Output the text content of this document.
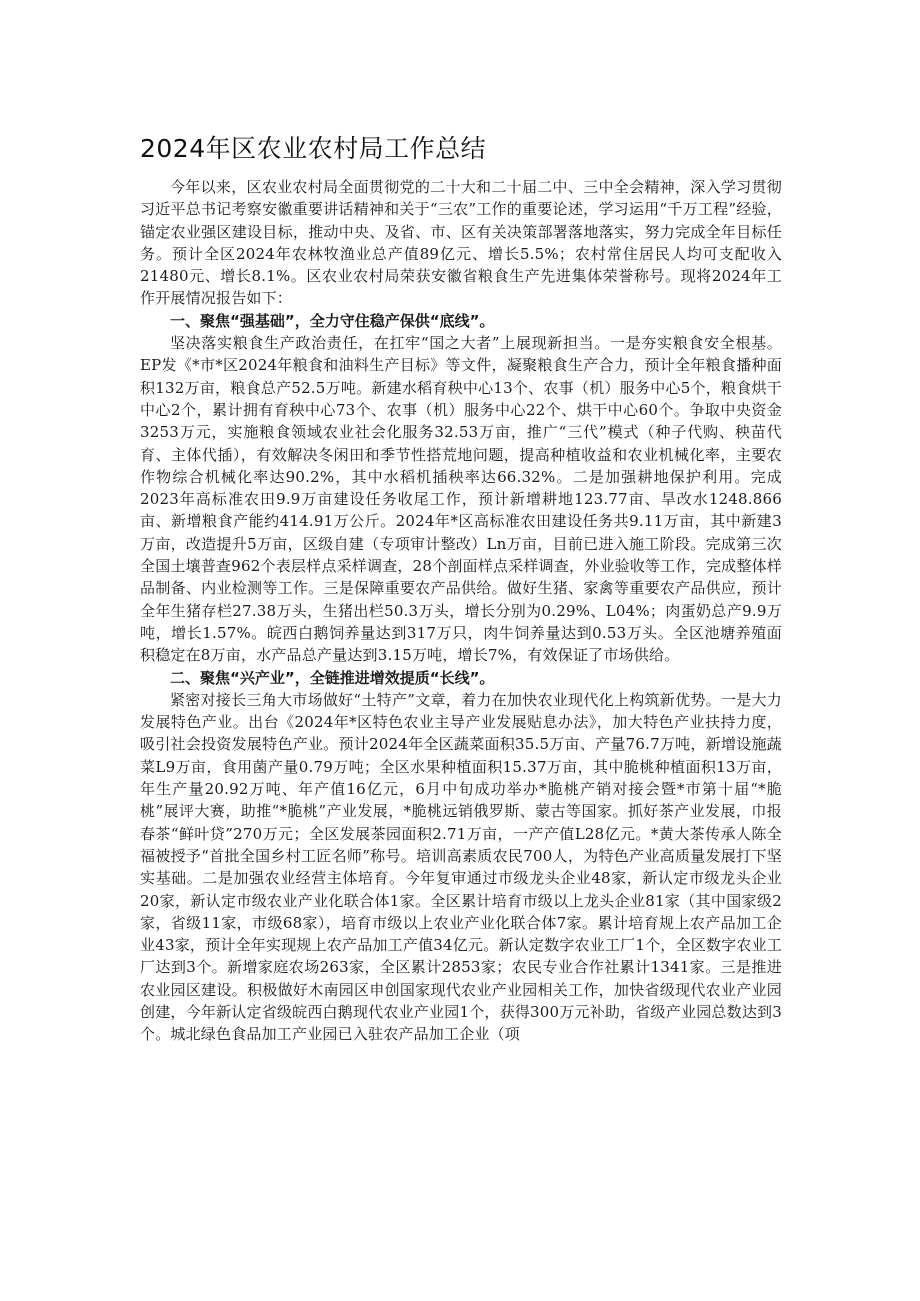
2024年区农业农村局工作总结

今年以来，区农业农村局全面贯彻党的二十大和二十届二中、三中全会精神，深入学习贯彻习近平总书记考察安徽重要讲话精神和关于“三农”工作的重要论述，学习运用“千万工程”经验，锚定农业强区建设目标，推动中央、及省、市、区有关决策部署落地落实，努力完成全年目标任务。预计全区2024年农林牧渔业总产值89亿元、增长5.5%；农村常住居民人均可支配收入21480元、增长8.1%。区农业农村局荣获安徽省粮食生产先进集体荣誉称号。现将2024年工作开展情况报告如下：

一、聚焦“强基础”，全力守住稳产保供“底线”。

坚决落实粮食生产政治责任，在扛牢“国之大者”上展现新担当。一是夯实粮食安全根基。EP发《*市*区2024年粮食和油料生产目标》等文件，凝聚粮食生产合力，预计全年粮食播种面积132万亩，粮食总产52.5万吨。新建水稻育秧中心13个、农事（机）服务中心5个，粮食烘干中心2个，累计拥有育秧中心73个、农事（机）服务中心22个、烘干中心60个。争取中央资金3253万元，实施粮食领域农业社会化服务32.53万亩，推广“三代”模式（种子代购、秧苗代育、主体代插），有效解决冬闲田和季节性搭荒地问题，提高种植收益和农业机械化率，主要农作物综合机械化率达90.2%，其中水稻机插秧率达66.32%。二是加强耕地保护利用。完成2023年高标准农田9.9万亩建设任务收尾工作，预计新增耕地123.77亩、旱改水1248.866亩、新增粮食产能约414.91万公斤。2024年*区高标准农田建设任务共9.11万亩，其中新建3万亩，改造提升5万亩，区级自建（专项审计整改）Ln万亩，目前已进入施工阶段。完成第三次全国土壤普查962个表层样点采样调查，28个剖面样点采样调查，外业验收等工作，完成整体样品制备、内业检测等工作。三是保障重要农产品供给。做好生猪、家禽等重要农产品供应，预计全年生猪存栏27.38万头，生猪出栏50.3万头，增长分别为0.29%、L04%；肉蛋奶总产9.9万吨，增长1.57%。皖西白鹅饲养量达到317万只，肉牛饲养量达到0.53万头。全区池塘养殖面积稳定在8万亩，水产品总产量达到3.15万吨，增长7%，有效保证了市场供给。

二、聚焦“兴产业”，全链推进增效提质“长线”。

紧密对接长三角大市场做好“土特产”文章，着力在加快农业现代化上构筑新优势。一是大力发展特色产业。出台《2024年*区特色农业主导产业发展贴息办法》，加大特色产业扶持力度，吸引社会投资发展特色产业。预计2024年全区蔬菜面积35.5万亩、产量76.7万吨，新增设施蔬菜L9万亩，食用菌产量0.79万吨；全区水果种植面积15.37万亩，其中脆桃种植面积13万亩，年生产量20.92万吨、年产值16亿元，6月中旬成功举办*脆桃产销对接会暨*市第十届“*脆桃”展评大赛，助推“*脆桃”产业发展，*脆桃远销俄罗斯、蒙古等国家。抓好茶产业发展，巾报春茶“鲜叶贷”270万元；全区发展茶园面积2.71万亩，一产产值L28亿元。*黄大茶传承人陈全福被授予“首批全国乡村工匠名师”称号。培训高素质农民700人，为特色产业高质量发展打下坚实基础。二是加强农业经营主体培育。今年复审通过市级龙头企业48家，新认定市级龙头企业20家，新认定市级农业产业化联合体1家。全区累计培育市级以上龙头企业81家（其中国家级2家，省级11家，市级68家），培育市级以上农业产业化联合体7家。累计培育规上农产品加工企业43家，预计全年实现规上农产品加工产值34亿元。新认定数字农业工厂1个，全区数字农业工厂达到3个。新增家庭农场263家，全区累计2853家；农民专业合作社累计1341家。三是推进农业园区建设。积极做好木南园区申创国家现代农业产业园相关工作，加快省级现代农业产业园创建，今年新认定省级皖西白鹅现代农业产业园1个，获得300万元补助，省级产业园总数达到3个。城北绿色食品加工产业园已入驻农产品加工企业（项
